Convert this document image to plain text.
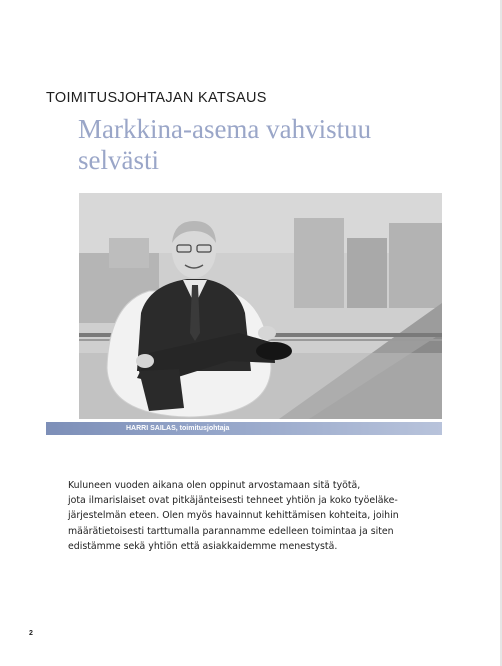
TOIMITUSJOHTAJAN KATSAUS
Markkina-asema vahvistuu
selvästi
HARRI SAILAS, toimitusjohtaja
Kuluneen vuoden aikana olen oppinut arvostamaan sitä työtä,
jota ilmarislaiset ovat pitkäjänteisesti tehneet yhtiön ja koko työeläke-
järjestelmän eteen. Olen myös havainnut kehittämisen kohteita, joihin
määrätietoisesti tarttumalla parannamme edelleen toimintaa ja siten
edistämme sekä yhtiön että asiakkaidemme menestystä.
2
